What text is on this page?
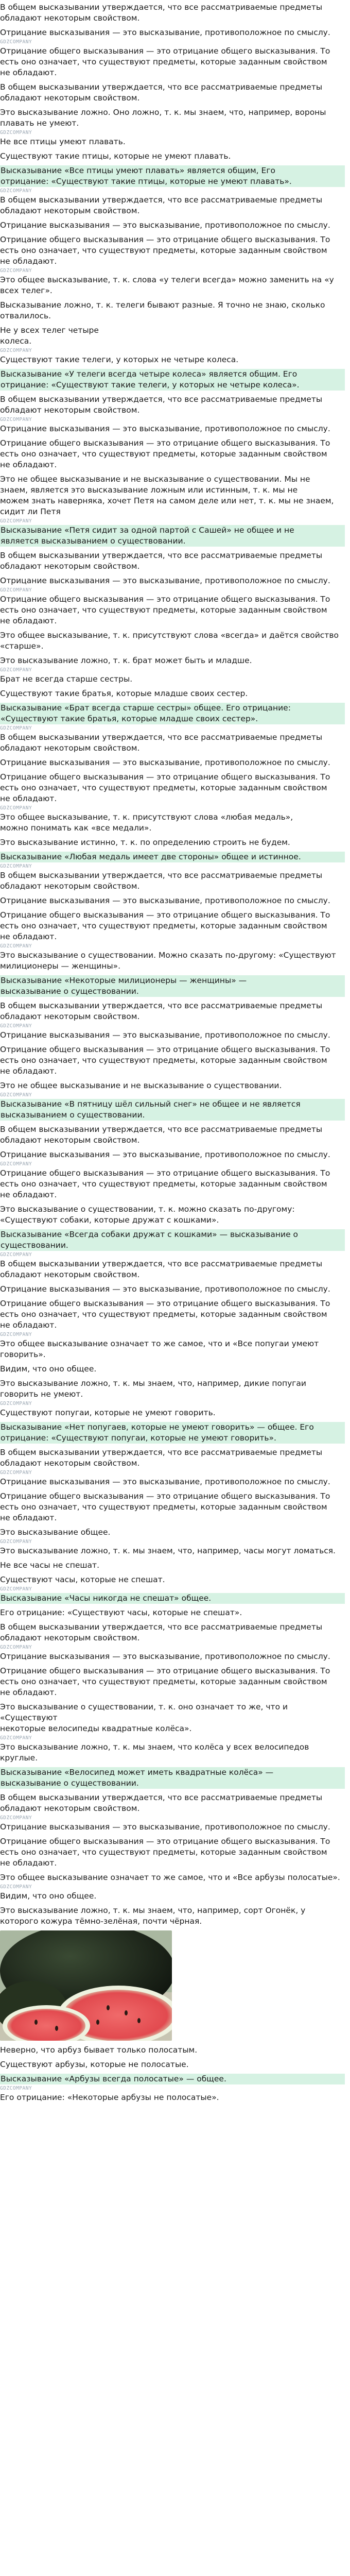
В общем высказывании утверждается, что все рассматриваемые предметы
обладают некоторым свойством.
Отрицание высказывания — это высказывание, противоположное по смыслу.
GDZCOMPANY
Отрицание общего высказывания — это отрицание общего высказывания. То
есть оно означает, что существуют предметы, которые заданным свойством
не обладают.
В общем высказывании утверждается, что все рассматриваемые предметы
обладают некоторым свойством.
Это высказывание ложно. Оно ложно, т. к. мы знаем, что, например, вороны
плавать не умеют.
GDZCOMPANY
Не все птицы умеют плавать.
Существуют такие птицы, которые не умеют плавать.
Высказывание «Все птицы умеют плавать» является общим, Его
отрицание: «Существуют такие птицы, которые не умеют плавать».
GDZCOMPANY
В общем высказывании утверждается, что все рассматриваемые предметы
обладают некоторым свойством.
Отрицание высказывания — это высказывание, противоположное по смыслу.
Отрицание общего высказывания — это отрицание общего высказывания. То
есть оно означает, что существуют предметы, которые заданным свойством
не обладают.
GDZCOMPANY
Это общее высказывание, т. к. слова «у телеги всегда» можно заменить на «у
всех телег».
Высказывание ложно, т. к. телеги бывают разные. Я точно не знаю, сколько
отвалилось.
Не у всех телег четыре
колеса.
GDZCOMPANY
Существуют такие телеги, у которых не четыре колеса.
Высказывание «У телеги всегда четыре колеса» является общим. Его
отрицание: «Существуют такие телеги, у которых не четыре колеса».
В общем высказывании утверждается, что все рассматриваемые предметы
обладают некоторым свойством.
GDZCOMPANY
Отрицание высказывания — это высказывание, противоположное по смыслу.
Отрицание общего высказывания — это отрицание общего высказывания. То
есть оно означает, что существуют предметы, которые заданным свойством
не обладают.
Это не общее высказывание и не высказывание о существовании. Мы не
знаем, является это высказывание ложным или истинным, т. к. мы не
можем знать наверняка, хочет Петя на самом деле или нет, т. к. мы не знаем, сидит ли Петя
GDZCOMPANY
Высказывание «Петя сидит за одной партой с Сашей» не общее и не
является высказыванием о существовании.
В общем высказывании утверждается, что все рассматриваемые предметы
обладают некоторым свойством.
Отрицание высказывания — это высказывание, противоположное по смыслу.
GDZCOMPANY
Отрицание общего высказывания — это отрицание общего высказывания. То
есть оно означает, что существуют предметы, которые заданным свойством
не обладают.
Это общее высказывание, т. к. присутствуют слова «всегда» и даётся свойство
«старше».
Это высказывание ложно, т. к. брат может быть и младше.
GDZCOMPANY
Брат не всегда старше сестры.
Существуют такие братья, которые младше своих сестер.
Высказывание «Брат всегда старше сестры» общее. Его отрицание:
«Существуют такие братья, которые младше своих сестер».
GDZCOMPANY
В общем высказывании утверждается, что все рассматриваемые предметы
обладают некоторым свойством.
Отрицание высказывания — это высказывание, противоположное по смыслу.
Отрицание общего высказывания — это отрицание общего высказывания. То
есть оно означает, что существуют предметы, которые заданным свойством
не обладают.
GDZCOMPANY
Это общее высказывание, т. к. присутствуют слова «любая медаль»,
можно понимать как «все медали».
Это высказывание истинно, т. к. по определению строить не будем.
Высказывание «Любая медаль имеет две стороны» общее и истинное.
GDZCOMPANY
В общем высказывании утверждается, что все рассматриваемые предметы
обладают некоторым свойством.
Отрицание высказывания — это высказывание, противоположное по смыслу.
Отрицание общего высказывания — это отрицание общего высказывания. То
есть оно означает, что существуют предметы, которые заданным свойством
не обладают.
GDZCOMPANY
Это высказывание о существовании. Можно сказать по-другому: «Существуют
милиционеры — женщины».
Высказывание «Некоторые милиционеры — женщины» —
высказывание о существовании.
В общем высказывании утверждается, что все рассматриваемые предметы
обладают некоторым свойством.
GDZCOMPANY
Отрицание высказывания — это высказывание, противоположное по смыслу.
Отрицание общего высказывания — это отрицание общего высказывания. То
есть оно означает, что существуют предметы, которые заданным свойством
не обладают.
Это не общее высказывание и не высказывание о существовании.
GDZCOMPANY
Высказывание «В пятницу шёл сильный снег» не общее и не является
высказыванием о существовании.
В общем высказывании утверждается, что все рассматриваемые предметы
обладают некоторым свойством.
Отрицание высказывания — это высказывание, противоположное по смыслу.
GDZCOMPANY
Отрицание общего высказывания — это отрицание общего высказывания. То
есть оно означает, что существуют предметы, которые заданным свойством
не обладают.
Это высказывание о существовании, т. к. можно сказать по-другому:
«Существуют собаки, которые дружат с кошками».
Высказывание «Всегда собаки дружат с кошками» — высказывание о
существовании.
GDZCOMPANY
В общем высказывании утверждается, что все рассматриваемые предметы
обладают некоторым свойством.
Отрицание высказывания — это высказывание, противоположное по смыслу.
Отрицание общего высказывания — это отрицание общего высказывания. То
есть оно означает, что существуют предметы, которые заданным свойством
не обладают.
GDZCOMPANY
Это общее высказывание означает то же самое, что и «Все попугаи умеют говорить».
Видим, что оно общее.
Это высказывание ложно, т. к. мы знаем, что, например, дикие попугаи
говорить не умеют.
GDZCOMPANY
Существуют попугаи, которые не умеют говорить.
Высказывание «Нет попугаев, которые не умеют говорить» — общее. Его
отрицание: «Существуют попугаи, которые не умеют говорить».
В общем высказывании утверждается, что все рассматриваемые предметы
обладают некоторым свойством.
GDZCOMPANY
Отрицание высказывания — это высказывание, противоположное по смыслу.
Отрицание общего высказывания — это отрицание общего высказывания. То
есть оно означает, что существуют предметы, которые заданным свойством
не обладают.
Это высказывание общее.
GDZCOMPANY
Это высказывание ложно, т. к. мы знаем, что, например, часы могут ломаться.
Не все часы не спешат.
Существуют часы, которые не спешат.
GDZCOMPANY
Высказывание «Часы никогда не спешат» общее.
Его отрицание: «Существуют часы, которые не спешат».
В общем высказывании утверждается, что все рассматриваемые предметы
обладают некоторым свойством.
GDZCOMPANY
Отрицание высказывания — это высказывание, противоположное по смыслу.
Отрицание общего высказывания — это отрицание общего высказывания. То
есть оно означает, что существуют предметы, которые заданным свойством
не обладают.
Это высказывание о существовании, т. к. оно означает то же, что и «Существуют
некоторые велосипеды квадратные колёса».
GDZCOMPANY
Это высказывание ложно, т. к. мы знаем, что колёса у всех велосипедов круглые.
Высказывание «Велосипед может иметь квадратные колёса» —
высказывание о существовании.
В общем высказывании утверждается, что все рассматриваемые предметы
обладают некоторым свойством.
GDZCOMPANY
Отрицание высказывания — это высказывание, противоположное по смыслу.
Отрицание общего высказывания — это отрицание общего высказывания. То
есть оно означает, что существуют предметы, которые заданным свойством
не обладают.
Это общее высказывание означает то же самое, что и «Все арбузы полосатые».
GDZCOMPANY
Видим, что оно общее.
Это высказывание ложно, т. к. мы знаем, что, например, сорт Огонёк, у
которого кожура тёмно-зелёная, почти чёрная.
Неверно, что арбуз бывает только полосатым.
Существуют арбузы, которые не полосатые.
Высказывание «Арбузы всегда полосатые» — общее.
GDZCOMPANY
Его отрицание: «Некоторые арбузы не полосатые».
